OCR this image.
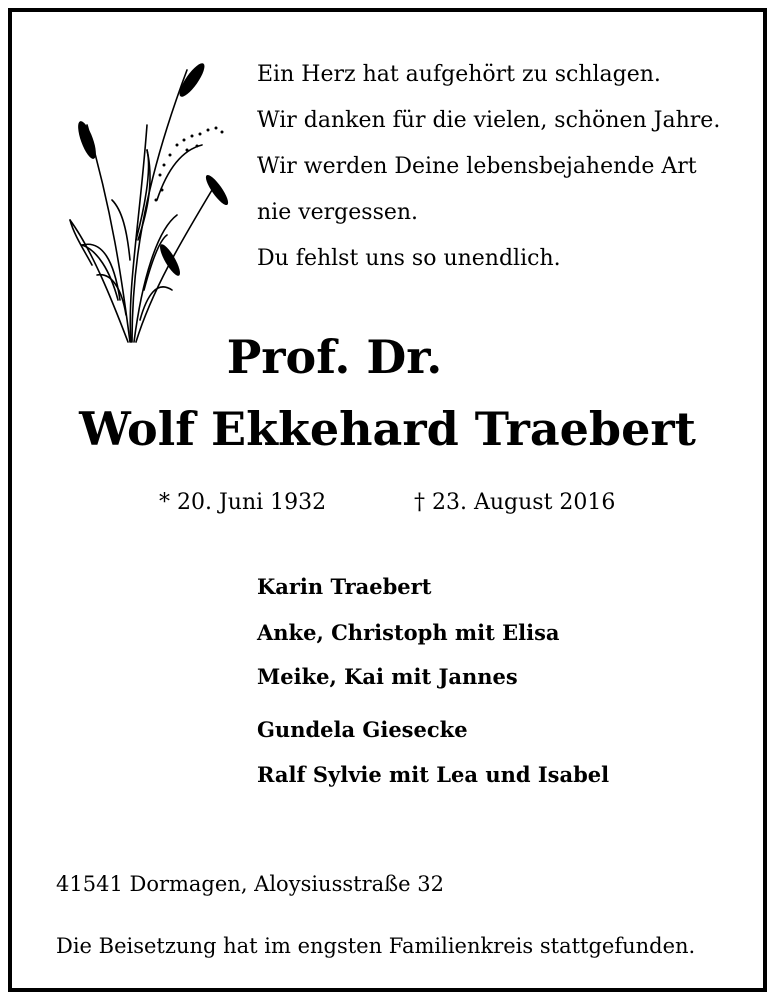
Ein Herz hat aufgehört zu schlagen.
Wir danken für die vielen, schönen Jahre.
Wir werden Deine lebensbejahende Art
nie vergessen.
Du fehlst uns so unendlich.
Prof. Dr.
Wolf Ekkehard Traebert
* 20. Juni 1932	† 23. August 2016
Karin Traebert
Anke, Christoph mit Elisa
Meike, Kai mit Jannes
Gundela Giesecke
Ralf Sylvie mit Lea und Isabel
41541 Dormagen, Aloysiusstraße 32
Die Beisetzung hat im engsten Familienkreis stattgefunden.
